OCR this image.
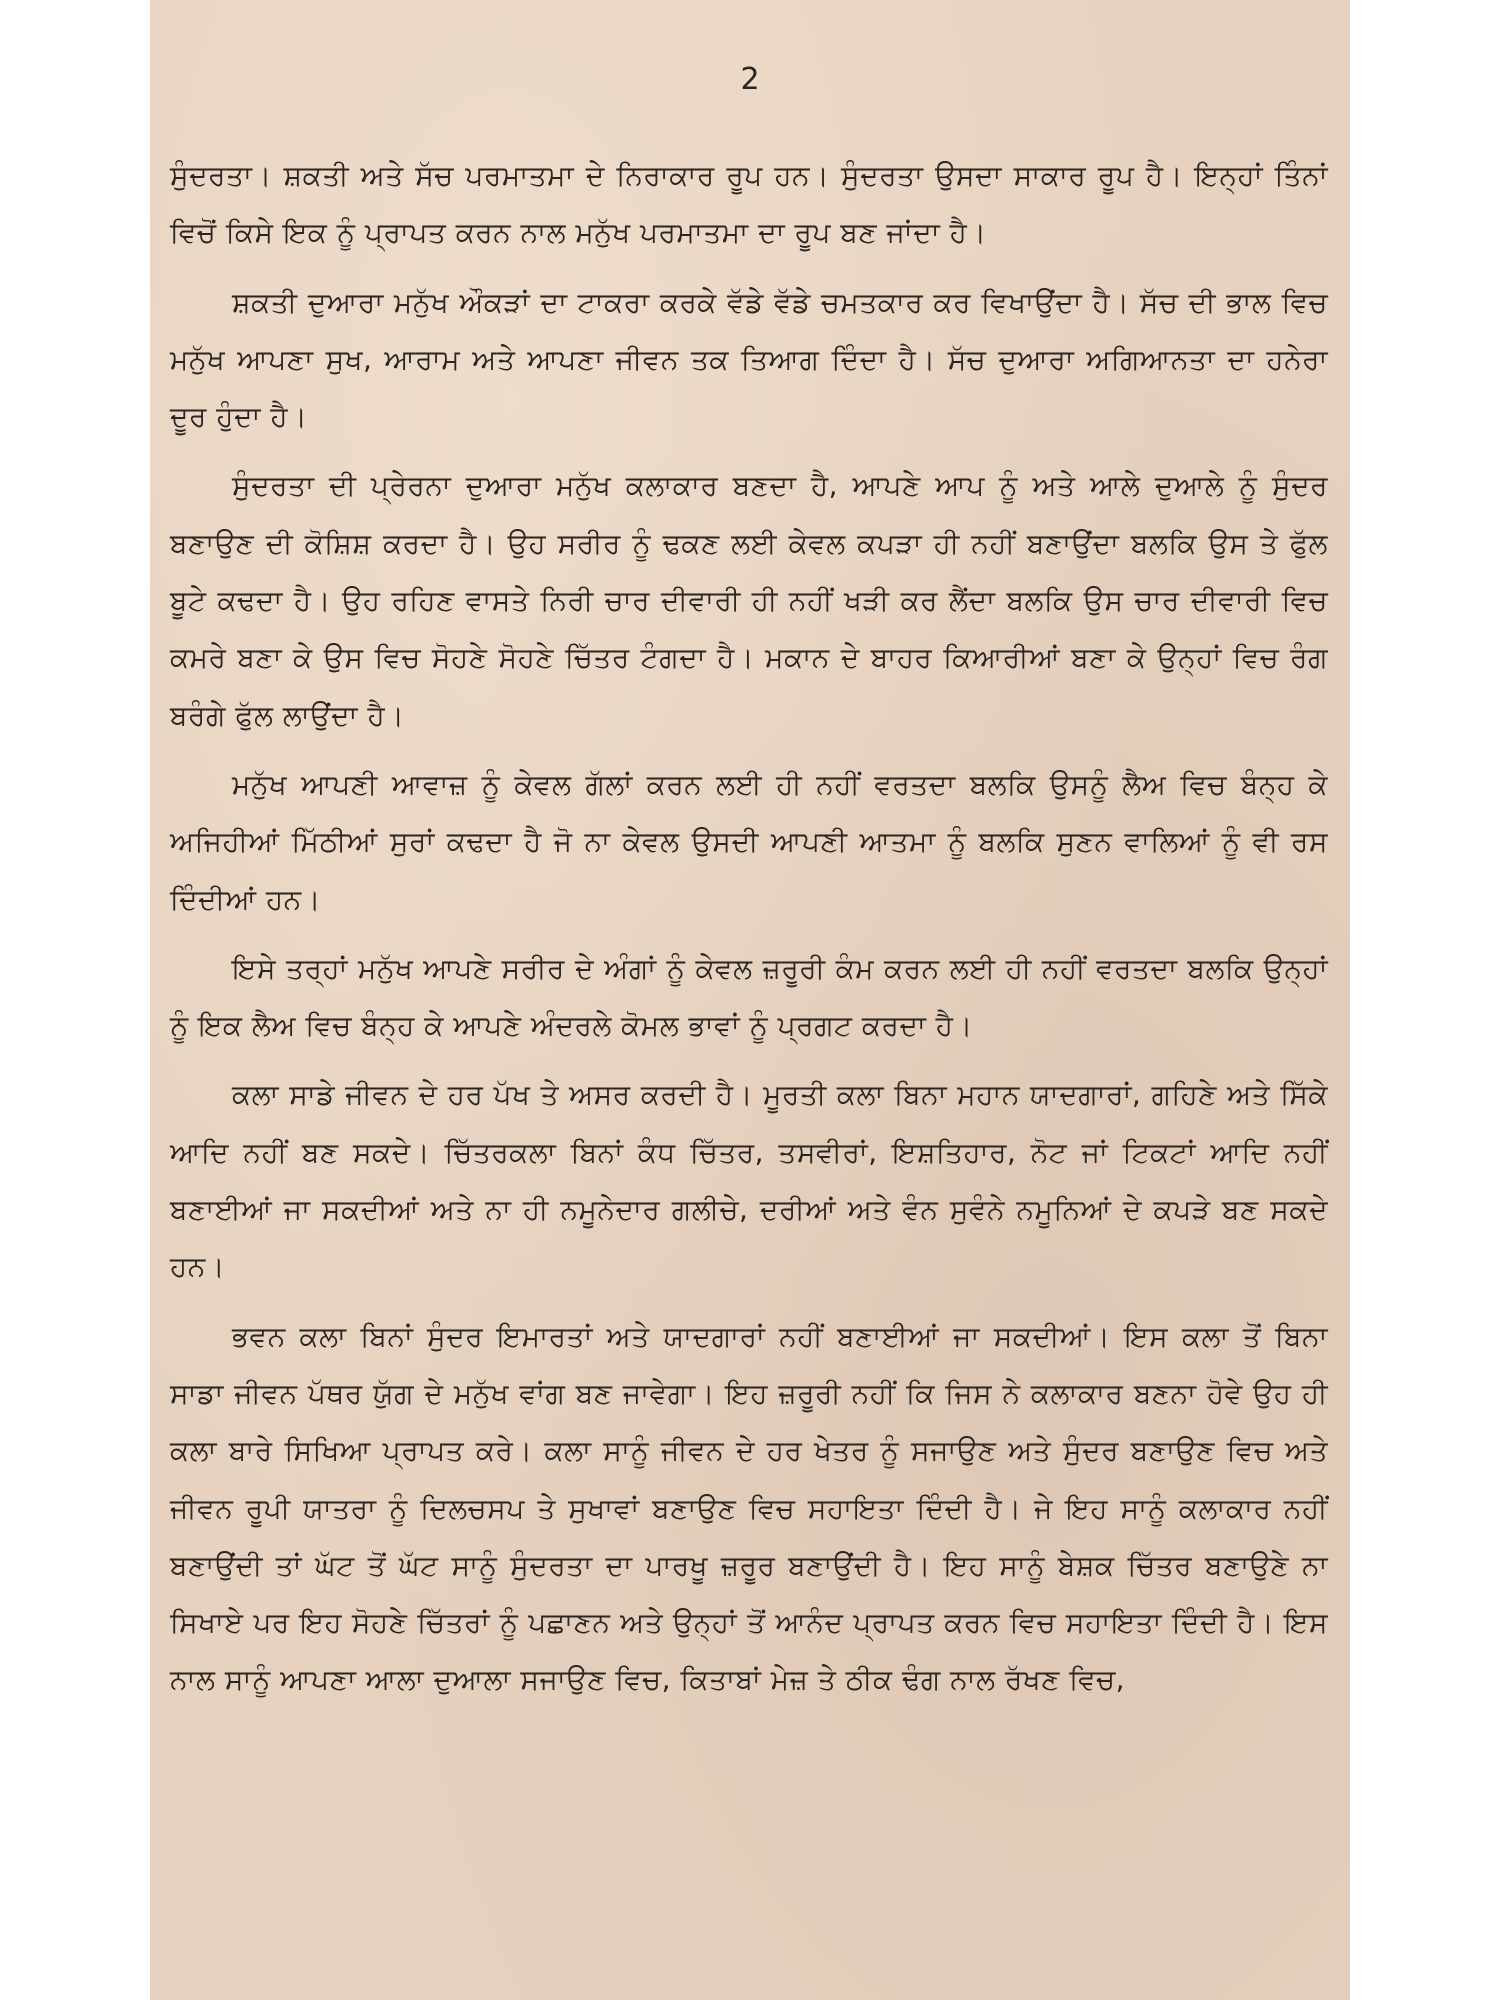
2

ਸੁੰਦਰਤਾ। ਸ਼ਕਤੀ ਅਤੇ ਸੱਚ ਪਰਮਾਤਮਾ ਦੇ ਨਿਰਾਕਾਰ ਰੂਪ ਹਨ। ਸੁੰਦਰਤਾ ਉਸਦਾ ਸਾਕਾਰ ਰੂਪ ਹੈ। ਇਨ੍ਹਾਂ ਤਿੰਨਾਂ ਵਿਚੋਂ ਕਿਸੇ ਇਕ ਨੂੰ ਪ੍ਰਾਪਤ ਕਰਨ ਨਾਲ ਮਨੁੱਖ ਪਰਮਾਤਮਾ ਦਾ ਰੂਪ ਬਣ ਜਾਂਦਾ ਹੈ।

ਸ਼ਕਤੀ ਦੁਆਰਾ ਮਨੁੱਖ ਔਕੜਾਂ ਦਾ ਟਾਕਰਾ ਕਰਕੇ ਵੱਡੇ ਵੱਡੇ ਚਮਤਕਾਰ ਕਰ ਵਿਖਾਉਂਦਾ ਹੈ। ਸੱਚ ਦੀ ਭਾਲ ਵਿਚ ਮਨੁੱਖ ਆਪਣਾ ਸੁਖ, ਆਰਾਮ ਅਤੇ ਆਪਣਾ ਜੀਵਨ ਤਕ ਤਿਆਗ ਦਿੰਦਾ ਹੈ। ਸੱਚ ਦੁਆਰਾ ਅਗਿਆਨਤਾ ਦਾ ਹਨੇਰਾ ਦੂਰ ਹੁੰਦਾ ਹੈ।

ਸੁੰਦਰਤਾ ਦੀ ਪ੍ਰੇਰਨਾ ਦੁਆਰਾ ਮਨੁੱਖ ਕਲਾਕਾਰ ਬਣਦਾ ਹੈ, ਆਪਣੇ ਆਪ ਨੂੰ ਅਤੇ ਆਲੇ ਦੁਆਲੇ ਨੂੰ ਸੁੰਦਰ ਬਣਾਉਣ ਦੀ ਕੋਸ਼ਿਸ਼ ਕਰਦਾ ਹੈ। ਉਹ ਸਰੀਰ ਨੂੰ ਢਕਣ ਲਈ ਕੇਵਲ ਕਪੜਾ ਹੀ ਨਹੀਂ ਬਣਾਉਂਦਾ ਬਲਕਿ ਉਸ ਤੇ ਫੁੱਲ ਬੂਟੇ ਕਢਦਾ ਹੈ। ਉਹ ਰਹਿਣ ਵਾਸਤੇ ਨਿਰੀ ਚਾਰ ਦੀਵਾਰੀ ਹੀ ਨਹੀਂ ਖੜੀ ਕਰ ਲੈਂਦਾ ਬਲਕਿ ਉਸ ਚਾਰ ਦੀਵਾਰੀ ਵਿਚ ਕਮਰੇ ਬਣਾ ਕੇ ਉਸ ਵਿਚ ਸੋਹਣੇ ਸੋਹਣੇ ਚਿੱਤਰ ਟੰਗਦਾ ਹੈ। ਮਕਾਨ ਦੇ ਬਾਹਰ ਕਿਆਰੀਆਂ ਬਣਾ ਕੇ ਉਨ੍ਹਾਂ ਵਿਚ ਰੰਗ ਬਰੰਗੇ ਫੁੱਲ ਲਾਉਂਦਾ ਹੈ।

ਮਨੁੱਖ ਆਪਣੀ ਆਵਾਜ਼ ਨੂੰ ਕੇਵਲ ਗੱਲਾਂ ਕਰਨ ਲਈ ਹੀ ਨਹੀਂ ਵਰਤਦਾ ਬਲਕਿ ਉਸਨੂੰ ਲੈਅ ਵਿਚ ਬੰਨ੍ਹ ਕੇ ਅਜਿਹੀਆਂ ਮਿੱਠੀਆਂ ਸੁਰਾਂ ਕਢਦਾ ਹੈ ਜੋ ਨਾ ਕੇਵਲ ਉਸਦੀ ਆਪਣੀ ਆਤਮਾ ਨੂੰ ਬਲਕਿ ਸੁਣਨ ਵਾਲਿਆਂ ਨੂੰ ਵੀ ਰਸ ਦਿੰਦੀਆਂ ਹਨ।

ਇਸੇ ਤਰ੍ਹਾਂ ਮਨੁੱਖ ਆਪਣੇ ਸਰੀਰ ਦੇ ਅੰਗਾਂ ਨੂੰ ਕੇਵਲ ਜ਼ਰੂਰੀ ਕੰਮ ਕਰਨ ਲਈ ਹੀ ਨਹੀਂ ਵਰਤਦਾ ਬਲਕਿ ਉਨ੍ਹਾਂ ਨੂੰ ਇਕ ਲੈਅ ਵਿਚ ਬੰਨ੍ਹ ਕੇ ਆਪਣੇ ਅੰਦਰਲੇ ਕੋਮਲ ਭਾਵਾਂ ਨੂੰ ਪ੍ਰਗਟ ਕਰਦਾ ਹੈ।

ਕਲਾ ਸਾਡੇ ਜੀਵਨ ਦੇ ਹਰ ਪੱਖ ਤੇ ਅਸਰ ਕਰਦੀ ਹੈ। ਮੂਰਤੀ ਕਲਾ ਬਿਨਾ ਮਹਾਨ ਯਾਦਗਾਰਾਂ, ਗਹਿਣੇ ਅਤੇ ਸਿੱਕੇ ਆਦਿ ਨਹੀਂ ਬਣ ਸਕਦੇ। ਚਿੱਤਰਕਲਾ ਬਿਨਾਂ ਕੰਧ ਚਿੱਤਰ, ਤਸਵੀਰਾਂ, ਇਸ਼ਤਿਹਾਰ, ਨੋਟ ਜਾਂ ਟਿਕਟਾਂ ਆਦਿ ਨਹੀਂ ਬਣਾਈਆਂ ਜਾ ਸਕਦੀਆਂ ਅਤੇ ਨਾ ਹੀ ਨਮੂਨੇਦਾਰ ਗਲੀਚੇ, ਦਰੀਆਂ ਅਤੇ ਵੰਨ ਸੁਵੰਨੇ ਨਮੂਨਿਆਂ ਦੇ ਕਪੜੇ ਬਣ ਸਕਦੇ ਹਨ।

ਭਵਨ ਕਲਾ ਬਿਨਾਂ ਸੁੰਦਰ ਇਮਾਰਤਾਂ ਅਤੇ ਯਾਦਗਾਰਾਂ ਨਹੀਂ ਬਣਾਈਆਂ ਜਾ ਸਕਦੀਆਂ। ਇਸ ਕਲਾ ਤੋਂ ਬਿਨਾ ਸਾਡਾ ਜੀਵਨ ਪੱਥਰ ਯੁੱਗ ਦੇ ਮਨੁੱਖ ਵਾਂਗ ਬਣ ਜਾਵੇਗਾ। ਇਹ ਜ਼ਰੂਰੀ ਨਹੀਂ ਕਿ ਜਿਸ ਨੇ ਕਲਾਕਾਰ ਬਣਨਾ ਹੋਵੇ ਉਹ ਹੀ ਕਲਾ ਬਾਰੇ ਸਿਖਿਆ ਪ੍ਰਾਪਤ ਕਰੇ। ਕਲਾ ਸਾਨੂੰ ਜੀਵਨ ਦੇ ਹਰ ਖੇਤਰ ਨੂੰ ਸਜਾਉਣ ਅਤੇ ਸੁੰਦਰ ਬਣਾਉਣ ਵਿਚ ਅਤੇ ਜੀਵਨ ਰੂਪੀ ਯਾਤਰਾ ਨੂੰ ਦਿਲਚਸਪ ਤੇ ਸੁਖਾਵਾਂ ਬਣਾਉਣ ਵਿਚ ਸਹਾਇਤਾ ਦਿੰਦੀ ਹੈ। ਜੇ ਇਹ ਸਾਨੂੰ ਕਲਾਕਾਰ ਨਹੀਂ ਬਣਾਉਂਦੀ ਤਾਂ ਘੱਟ ਤੋਂ ਘੱਟ ਸਾਨੂੰ ਸੁੰਦਰਤਾ ਦਾ ਪਾਰਖੂ ਜ਼ਰੂਰ ਬਣਾਉਂਦੀ ਹੈ। ਇਹ ਸਾਨੂੰ ਬੇਸ਼ਕ ਚਿੱਤਰ ਬਣਾਉਣੇ ਨਾ ਸਿਖਾਏ ਪਰ ਇਹ ਸੋਹਣੇ ਚਿੱਤਰਾਂ ਨੂੰ ਪਛਾਣਨ ਅਤੇ ਉਨ੍ਹਾਂ ਤੋਂ ਆਨੰਦ ਪ੍ਰਾਪਤ ਕਰਨ ਵਿਚ ਸਹਾਇਤਾ ਦਿੰਦੀ ਹੈ। ਇਸ ਨਾਲ ਸਾਨੂੰ ਆਪਣਾ ਆਲਾ ਦੁਆਲਾ ਸਜਾਉਣ ਵਿਚ, ਕਿਤਾਬਾਂ ਮੇਜ਼ ਤੇ ਠੀਕ ਢੰਗ ਨਾਲ ਰੱਖਣ ਵਿਚ,
